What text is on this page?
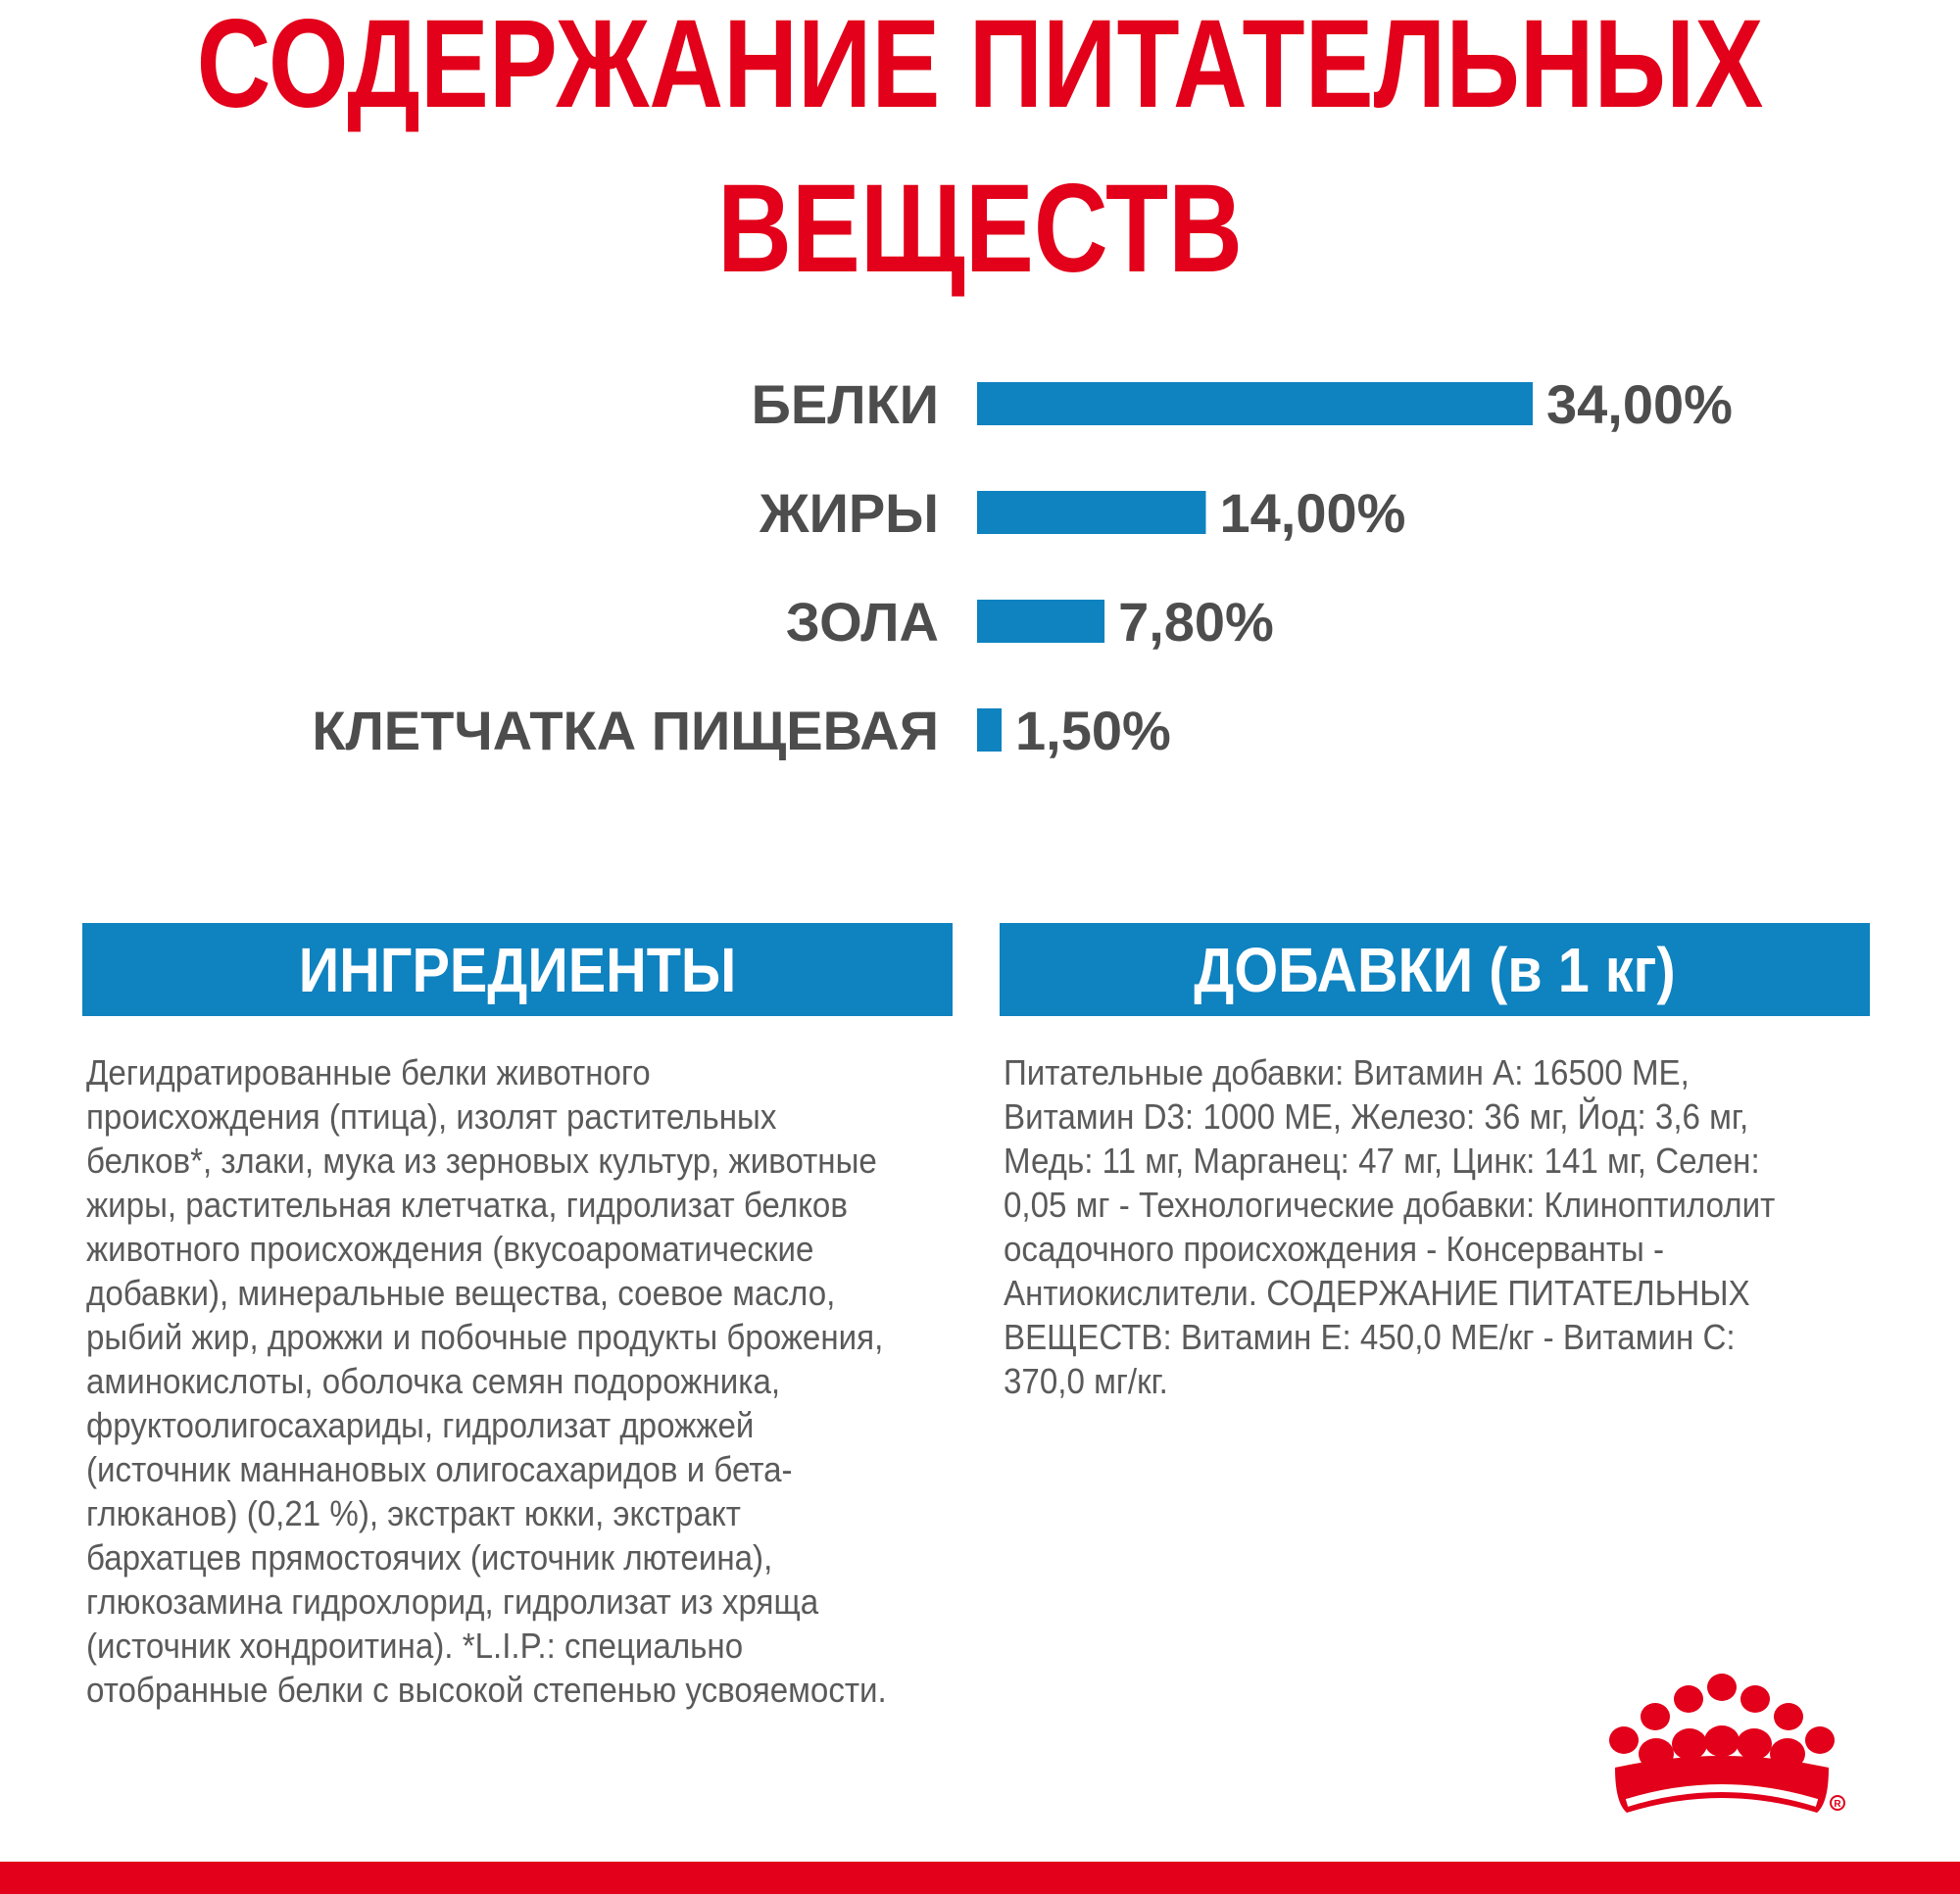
СОДЕРЖАНИЕ ПИТАТЕЛЬНЫХ ВЕЩЕСТВ
БЕЛКИ	34,00%
ЖИРЫ	14,00%
ЗОЛА	7,80%
КЛЕТЧАТКА ПИЩЕВАЯ 1,50%
ИНГРЕДИЕНТЫ	ДОБАВКИ (в 1 кг)

Дегидратированные белки животного происхождения (птица), изолят растительных белков*, злаки, мука из зерновых культур, животные жиры, растительная клетчатка, гидролизат белков животного происхождения (вкусоароматические добавки), минеральные вещества, соевое масло, рыбий жир, дрожжи и побочные продукты брожения, аминокислоты, оболочка семян подорожника, фруктоолигосахариды, гидролизат дрожжей (источник маннановых олигосахаридов и бета-глюканов) (0,21 %), экстракт юкки, экстракт бархатцев прямостоячих (источник лютеина), глюкозамина гидрохлорид, гидролизат из хряща (источник хондроитина). *L.I.P.: специально отобранные белки с высокой степенью усвояемости.

Питательные добавки: Витамин A: 16500 МЕ, Витамин D3: 1000 МЕ, Железо: 36 мг, Йод: 3,6 мг, Медь: 11 мг, Марганец: 47 мг, Цинк: 141 мг, Селен: 0,05 мг - Технологические добавки: Клиноптилолит осадочного происхождения - Консерванты - Антиокислители. СОДЕРЖАНИЕ ПИТАТЕЛЬНЫХ ВЕЩЕСТВ: Витамин E: 450,0 МЕ/кг - Витамин C: 370,0 мг/кг.

R
